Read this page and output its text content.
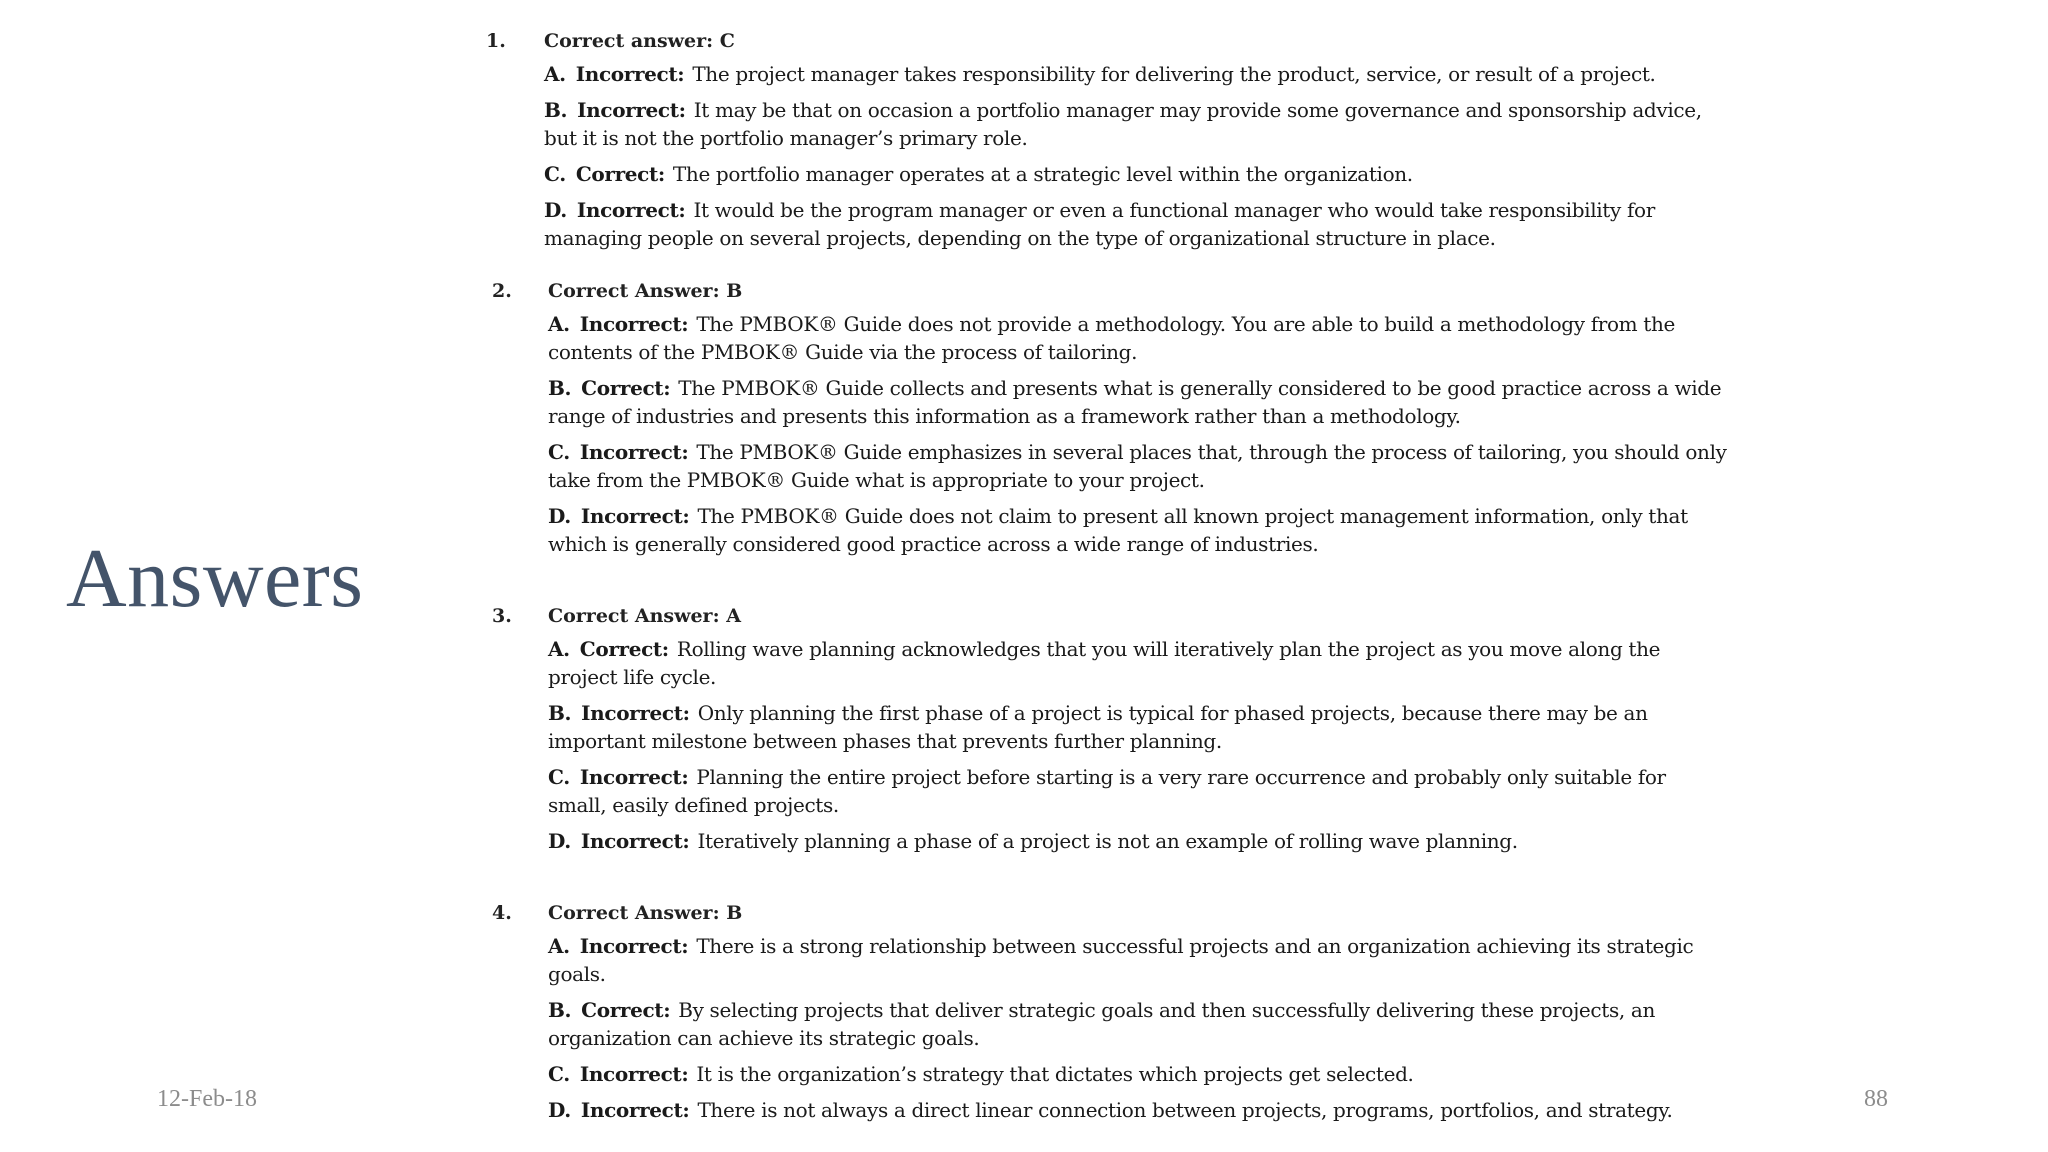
Answers
1. Correct answer: C
A. Incorrect: The project manager takes responsibility for delivering the product, service, or result of a project.
B. Incorrect: It may be that on occasion a portfolio manager may provide some governance and sponsorship advice, but it is not the portfolio manager’s primary role.
C. Correct: The portfolio manager operates at a strategic level within the organization.
D. Incorrect: It would be the program manager or even a functional manager who would take responsibility for managing people on several projects, depending on the type of organizational structure in place.
2. Correct Answer: B
A. Incorrect: The PMBOK® Guide does not provide a methodology. You are able to build a methodology from the contents of the PMBOK® Guide via the process of tailoring.
B. Correct: The PMBOK® Guide collects and presents what is generally considered to be good practice across a wide range of industries and presents this information as a framework rather than a methodology.
C. Incorrect: The PMBOK® Guide emphasizes in several places that, through the process of tailoring, you should only take from the PMBOK® Guide what is appropriate to your project.
D. Incorrect: The PMBOK® Guide does not claim to present all known project management information, only that which is generally considered good practice across a wide range of industries.
3. Correct Answer: A
A. Correct: Rolling wave planning acknowledges that you will iteratively plan the project as you move along the project life cycle.
B. Incorrect: Only planning the first phase of a project is typical for phased projects, because there may be an important milestone between phases that prevents further planning.
C. Incorrect: Planning the entire project before starting is a very rare occurrence and probably only suitable for small, easily defined projects.
D. Incorrect: Iteratively planning a phase of a project is not an example of rolling wave planning.
4. Correct Answer: B
A. Incorrect: There is a strong relationship between successful projects and an organization achieving its strategic goals.
B. Correct: By selecting projects that deliver strategic goals and then successfully delivering these projects, an organization can achieve its strategic goals.
C. Incorrect: It is the organization’s strategy that dictates which projects get selected.
D. Incorrect: There is not always a direct linear connection between projects, programs, portfolios, and strategy.
12-Feb-18	88
